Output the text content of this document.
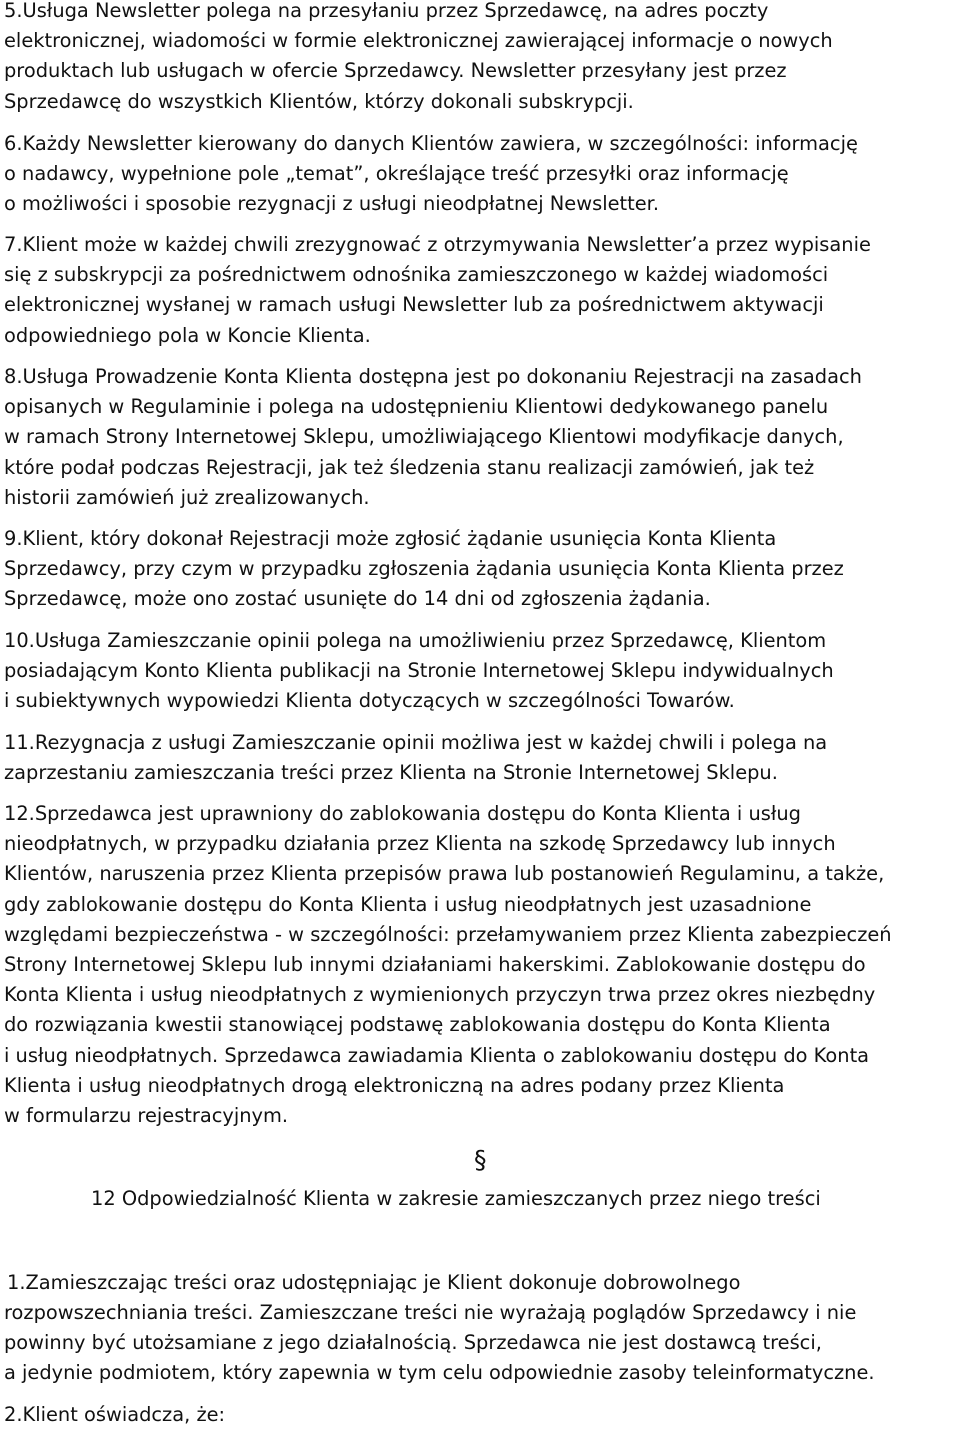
5.Usługa Newsletter polega na przesyłaniu przez Sprzedawcę, na adres poczty
elektronicznej, wiadomości w formie elektronicznej zawierającej informacje o nowych
produktach lub usługach w ofercie Sprzedawcy. Newsletter przesyłany jest przez
Sprzedawcę do wszystkich Klientów, którzy dokonali subskrypcji.
6.Każdy Newsletter kierowany do danych Klientów zawiera, w szczególności: informację
o nadawcy, wypełnione pole „temat”, określające treść przesyłki oraz informację
o możliwości i sposobie rezygnacji z usługi nieodpłatnej Newsletter.
7.Klient może w każdej chwili zrezygnować z otrzymywania Newsletter’a przez wypisanie
się z subskrypcji za pośrednictwem odnośnika zamieszczonego w każdej wiadomości
elektronicznej wysłanej w ramach usługi Newsletter lub za pośrednictwem aktywacji
odpowiedniego pola w Koncie Klienta.
8.Usługa Prowadzenie Konta Klienta dostępna jest po dokonaniu Rejestracji na zasadach
opisanych w Regulaminie i polega na udostępnieniu Klientowi dedykowanego panelu
w ramach Strony Internetowej Sklepu, umożliwiającego Klientowi modyfikacje danych,
które podał podczas Rejestracji, jak też śledzenia stanu realizacji zamówień, jak też
historii zamówień już zrealizowanych.
9.Klient, który dokonał Rejestracji może zgłosić żądanie usunięcia Konta Klienta
Sprzedawcy, przy czym w przypadku zgłoszenia żądania usunięcia Konta Klienta przez
Sprzedawcę, może ono zostać usunięte do 14 dni od zgłoszenia żądania.
10.Usługa Zamieszczanie opinii polega na umożliwieniu przez Sprzedawcę, Klientom
posiadającym Konto Klienta publikacji na Stronie Internetowej Sklepu indywidualnych
i subiektywnych wypowiedzi Klienta dotyczących w szczególności Towarów.
11.Rezygnacja z usługi Zamieszczanie opinii możliwa jest w każdej chwili i polega na
zaprzestaniu zamieszczania treści przez Klienta na Stronie Internetowej Sklepu.
12.Sprzedawca jest uprawniony do zablokowania dostępu do Konta Klienta i usług
nieodpłatnych, w przypadku działania przez Klienta na szkodę Sprzedawcy lub innych
Klientów, naruszenia przez Klienta przepisów prawa lub postanowień Regulaminu, a także,
gdy zablokowanie dostępu do Konta Klienta i usług nieodpłatnych jest uzasadnione
względami bezpieczeństwa - w szczególności: przełamywaniem przez Klienta zabezpieczeń
Strony Internetowej Sklepu lub innymi działaniami hakerskimi. Zablokowanie dostępu do
Konta Klienta i usług nieodpłatnych z wymienionych przyczyn trwa przez okres niezbędny
do rozwiązania kwestii stanowiącej podstawę zablokowania dostępu do Konta Klienta
i usług nieodpłatnych. Sprzedawca zawiadamia Klienta o zablokowaniu dostępu do Konta
Klienta i usług nieodpłatnych drogą elektroniczną na adres podany przez Klienta
w formularzu rejestracyjnym.
1.Zamieszczając treści oraz udostępniając je Klient dokonuje dobrowolnego
rozpowszechniania treści. Zamieszczane treści nie wyrażają poglądów Sprzedawcy i nie
powinny być utożsamiane z jego działalnością. Sprzedawca nie jest dostawcą treści,
a jedynie podmiotem, który zapewnia w tym celu odpowiednie zasoby teleinformatyczne.
2.Klient oświadcza, że:
§
12 Odpowiedzialność Klienta w zakresie zamieszczanych przez niego treści
